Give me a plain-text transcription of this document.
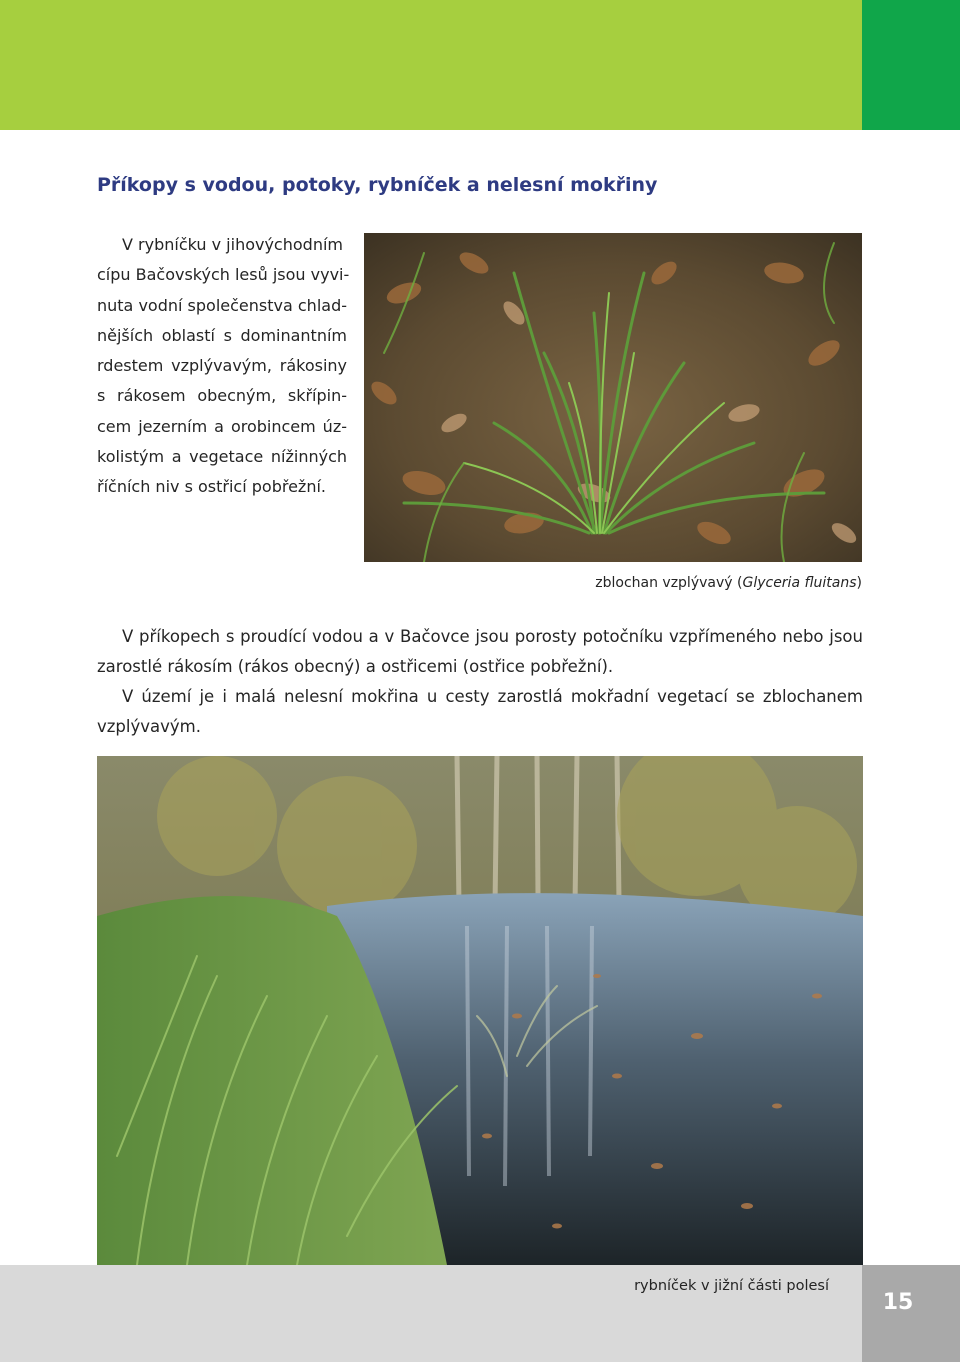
Příkopy s vodou, potoky, rybníček a nelesní mokřiny
V rybníčku v jihovýchodním
cípu Bačovských lesů jsou vyvi-
nuta vodní společenstva chlad-
nějších oblastí s dominantním
rdestem vzplývavým, rákosiny
s rákosem obecným, skřípin-
cem jezerním a orobincem úz-
kolistým a vegetace nížinných
říčních niv s ostřicí pobřežní.
zblochan vzplývavý (Glyceria fluitans)

V příkopech s proudící vodou a v Bačovce jsou porosty potočníku vzpřímeného nebo jsou zarostlé rákosím (rákos obecný) a ostřicemi (ostřice pobřežní).

V území je i malá nelesní mokřina u cesty zarostlá mokřadní vegetací se zblochanem vzplývavým.

rybníček v jižní části polesí
15
